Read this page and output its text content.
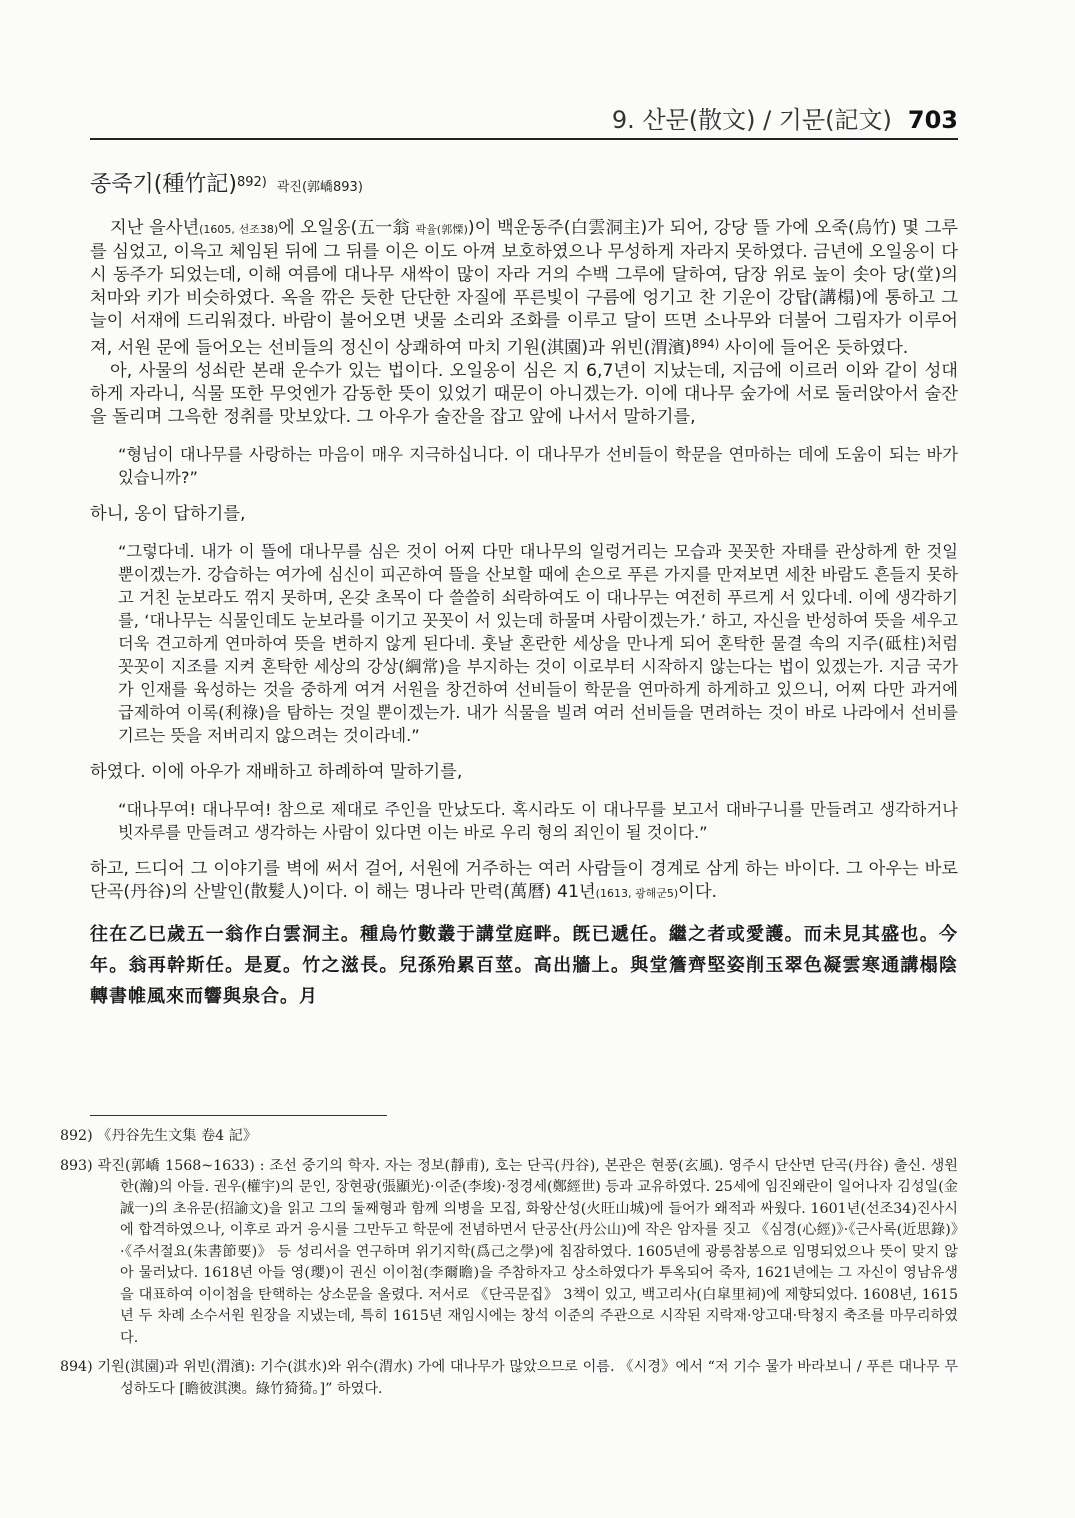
9. 산문(散文) / 기문(記文) 703
종죽기(種竹記)$^{892)}$ 곽진(郭嶠893)

지난 을사년(1605, 선조38)에 오일옹(五一翁 곽율(郭慄))이 백운동주(白雲洞主)가 되어, 강당 뜰 가에 오죽(烏竹) 몇 그루를 심었고, 이윽고 체임된 뒤에 그 뒤를 이은 이도 아껴 보호하였으나 무성하게 자라지 못하였다. 금년에 오일옹이 다시 동주가 되었는데, 이해 여름에 대나무 새싹이 많이 자라 거의 수백 그루에 달하여, 담장 위로 높이 솟아 당(堂)의 처마와 키가 비슷하였다. 옥을 깎은 듯한 단단한 자질에 푸른빛이 구름에 엉기고 찬 기운이 강탑(講榻)에 통하고 그늘이 서재에 드리워졌다. 바람이 불어오면 냇물 소리와 조화를 이루고 달이 뜨면 소나무와 더불어 그림자가 이루어져, 서원 문에 들어오는 선비들의 정신이 상쾌하여 마치 기원(淇園)과 위빈(渭濱)$^{894)}$ 사이에 들어온 듯하였다.

아, 사물의 성쇠란 본래 운수가 있는 법이다. 오일옹이 심은 지 6,7년이 지났는데, 지금에 이르러 이와 같이 성대하게 자라니, 식물 또한 무엇엔가 감동한 뜻이 있었기 때문이 아니겠는가. 이에 대나무 숲가에 서로 둘러앉아서 술잔을 돌리며 그윽한 정취를 맛보았다. 그 아우가 술잔을 잡고 앞에 나서서 말하기를,

“형님이 대나무를 사랑하는 마음이 매우 지극하십니다. 이 대나무가 선비들이 학문을 연마하는 데에 도움이 되는 바가 있습니까?”

하니, 옹이 답하기를,

“그렇다네. 내가 이 뜰에 대나무를 심은 것이 어찌 다만 대나무의 일렁거리는 모습과 꼿꼿한 자태를 관상하게 한 것일 뿐이겠는가. 강습하는 여가에 심신이 피곤하여 뜰을 산보할 때에 손으로 푸른 가지를 만져보면 세찬 바람도 흔들지 못하고 거친 눈보라도 꺾지 못하며, 온갖 초목이 다 쓸쓸히 쇠락하여도 이 대나무는 여전히 푸르게 서 있다네. 이에 생각하기를, ‘대나무는 식물인데도 눈보라를 이기고 꼿꼿이 서 있는데 하물며 사람이겠는가.’ 하고, 자신을 반성하여 뜻을 세우고 더욱 견고하게 연마하여 뜻을 변하지 않게 된다네. 훗날 혼란한 세상을 만나게 되어 혼탁한 물결 속의 지주(砥柱)처럼 꼿꼿이 지조를 지켜 혼탁한 세상의 강상(綱常)을 부지하는 것이 이로부터 시작하지 않는다는 법이 있겠는가. 지금 국가가 인재를 육성하는 것을 중하게 여겨 서원을 창건하여 선비들이 학문을 연마하게 하게하고 있으니, 어찌 다만 과거에 급제하여 이록(利祿)을 탐하는 것일 뿐이겠는가. 내가 식물을 빌려 여러 선비들을 면려하는 것이 바로 나라에서 선비를 기르는 뜻을 저버리지 않으려는 것이라네.”

하였다. 이에 아우가 재배하고 하례하여 말하기를,

“대나무여! 대나무여! 참으로 제대로 주인을 만났도다. 혹시라도 이 대나무를 보고서 대바구니를 만들려고 생각하거나 빗자루를 만들려고 생각하는 사람이 있다면 이는 바로 우리 형의 죄인이 될 것이다.”

하고, 드디어 그 이야기를 벽에 써서 걸어, 서원에 거주하는 여러 사람들이 경계로 삼게 하는 바이다. 그 아우는 바로 단곡(丹谷)의 산발인(散髮人)이다. 이 해는 명나라 만력(萬曆) 41년(1613, 광해군5)이다.

往在乙巳歲五一翁作白雲洞主。種烏竹數叢于講堂庭畔。旣已遞任。繼之者或愛護。而未見其盛也。今年。翁再幹斯任。是夏。竹之滋長。兒孫殆累百莖。高出牆上。與堂簷齊堅姿削玉翠色凝雲寒通講榻陰轉書帷風來而響與泉合。月

892) 《丹谷先生文集 卷4 記》

893) 곽진(郭嶠 1568~1633) : 조선 중기의 학자. 자는 정보(靜甫), 호는 단곡(丹谷), 본관은 현풍(玄風). 영주시 단산면 단곡(丹谷) 출신. 생원 한(瀚)의 아들. 권우(權宇)의 문인, 장현광(張顯光)·이준(李埈)·정경세(鄭經世) 등과 교유하였다. 25세에 임진왜란이 일어나자 김성일(金誠一)의 초유문(招諭文)을 읽고 그의 둘째형과 함께 의병을 모집, 화왕산성(火旺山城)에 들어가 왜적과 싸웠다. 1601년(선조34)진사시에 합격하였으나, 이후로 과거 응시를 그만두고 학문에 전념하면서 단공산(丹公山)에 작은 암자를 짓고 《심경(心經)》·《근사록(近思錄)》·《주서절요(朱書節要)》 등 성리서을 연구하며 위기지학(爲己之學)에 침잠하였다. 1605년에 광릉참봉으로 임명되었으나 뜻이 맞지 않아 물러났다. 1618년 아들 영(瓔)이 권신 이이첨(李爾瞻)을 주참하자고 상소하였다가 투옥되어 죽자, 1621년에는 그 자신이 영남유생을 대표하여 이이첨을 탄핵하는 상소문을 올렸다. 저서로 《단곡문집》 3책이 있고, 백고리사(白皐里祠)에 제향되었다. 1608년, 1615년 두 차례 소수서원 원장을 지냈는데, 특히 1615년 재임시에는 창석 이준의 주관으로 시작된 지락재·앙고대·탁청지 축조를 마무리하였다.

894) 기원(淇園)과 위빈(渭濱): 기수(淇水)와 위수(渭水) 가에 대나무가 많았으므로 이름. 《시경》에서 “저 기수 물가 바라보니 / 푸른 대나무 무성하도다 [瞻彼淇澳。綠竹猗猗。]” 하였다.
